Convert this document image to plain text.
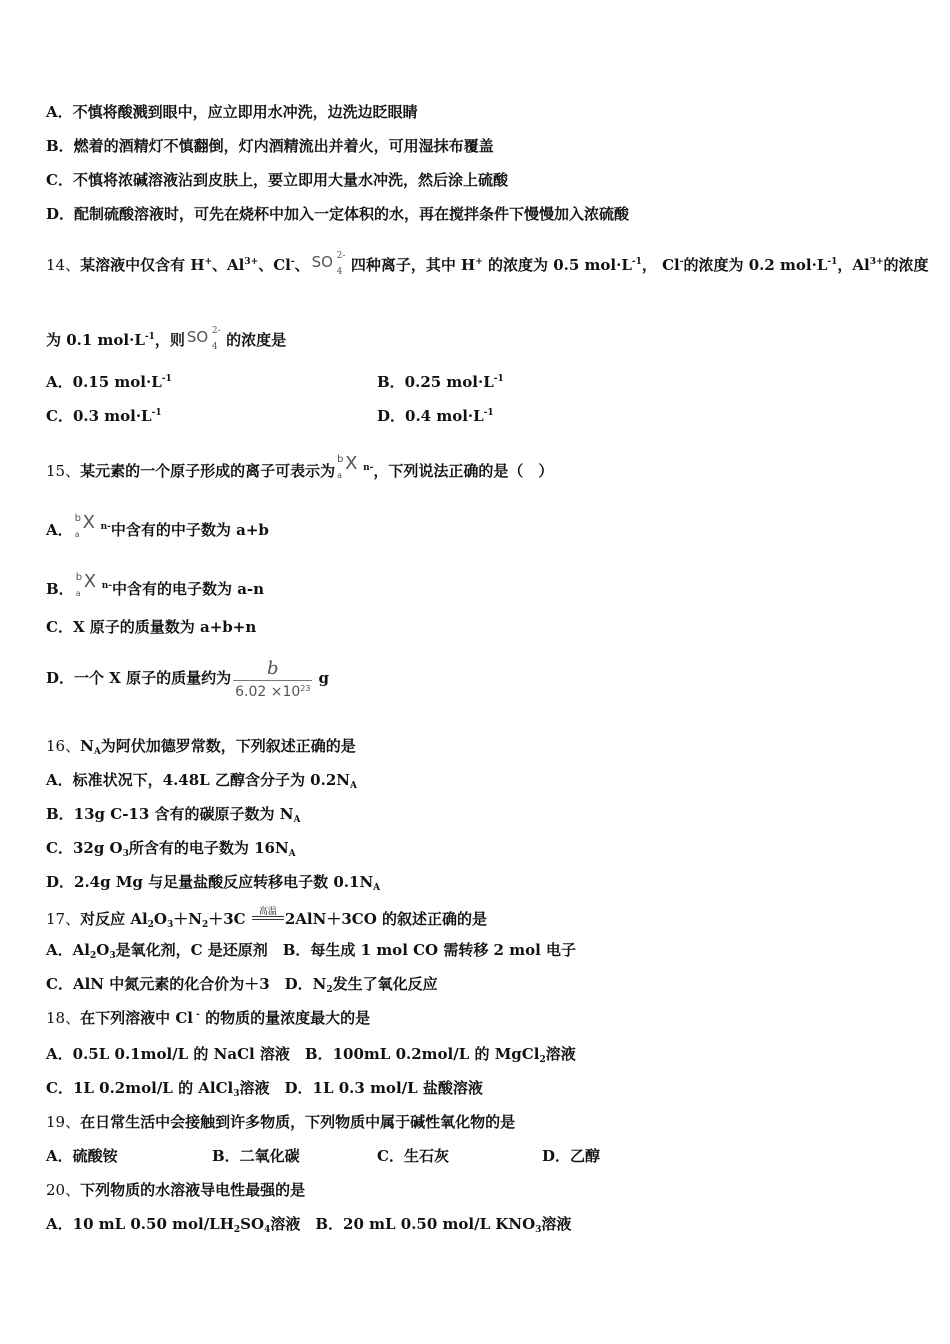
A．不慎将酸溅到眼中，应立即用水冲洗，边洗边眨眼睛
B．燃着的酒精灯不慎翻倒，灯内酒精流出并着火，可用湿抹布覆盖
C．不慎将浓碱溶液沾到皮肤上，要立即用大量水冲洗，然后涂上硫酸
D．配制硫酸溶液时，可先在烧杯中加入一定体积的水，再在搅拌条件下慢慢加入浓硫酸
14、某溶液中仅含有 H+、$Al^{3+}$、Cl-、 SO 2-
4 四种离子，其中 H+ 的浓度为 0.5 $mol\cdot L^{-1}$， Cl-的浓度为 0.2 $mol\cdot L^{-1}$，$Al^{3+}$的浓度
为 0.1 $mol\cdot L^{-1}$，则 SO 2-
4 的浓度是
A．0.15 $mol\cdot L^{-1}$	B．0.25 $mol\cdot L^{-1}$
C．0.3 $mol\cdot L^{-1}$	D．0.4 $mol\cdot L^{-1}$
15、某元素的一个原子形成的离子可表示为
b
a
X $^{n-}$，下列说法正确的是（　）
A．
b
a
X $^{n-}$中含有的中子数为 a+b
B．
b
a
X $^{n-}$中含有的电子数为 a-n
C．X 原子的质量数为 a+b+n
D．一个 X 原子的质量约为 $\frac{b}{6.02 \times 10^{23}}$ g
16、$N_A$为阿伏加德罗常数，下列叙述正确的是
A．标准状况下，4.48L 乙醇含分子为 $0.2N_A$
B．13g C-13 含有的碳原子数为 $N_A$
C．32g $O_3$所含有的电子数为 $16N_A$
D．2.4g Mg 与足量盐酸反应转移电子数 $0.1N_A$
17、对反应 $Al_2O_3+N_2+3C$ 高温 2AlN＋3CO 的叙述正确的是
A．$Al_2O_3$是氧化剂，C 是还原剂　B．每生成 1 mol CO 需转移 2 mol 电子
C．AlN 中氮元素的化合价为＋3　D．$N_2$发生了氧化反应
18、在下列溶液中 Cl - 的物质的量浓度最大的是
A．0.5L 0.1mol/L 的 NaCl 溶液　B．100mL 0.2mol/L 的 MgCl$_2$溶液
C．1L 0.2mol/L 的 AlCl$_3$溶液　D．1L 0.3 mol/L 盐酸溶液
19、在日常生活中会接触到许多物质，下列物质中属于碱性氧化物的是
A．硫酸铵	B．二氧化碳	C．生石灰	D．乙醇
20、下列物质的水溶液导电性最强的是
A．10 mL 0.50 mol/$LH_2SO_4$溶液　B．20 mL 0.50 mol/L $KNO_3$溶液
